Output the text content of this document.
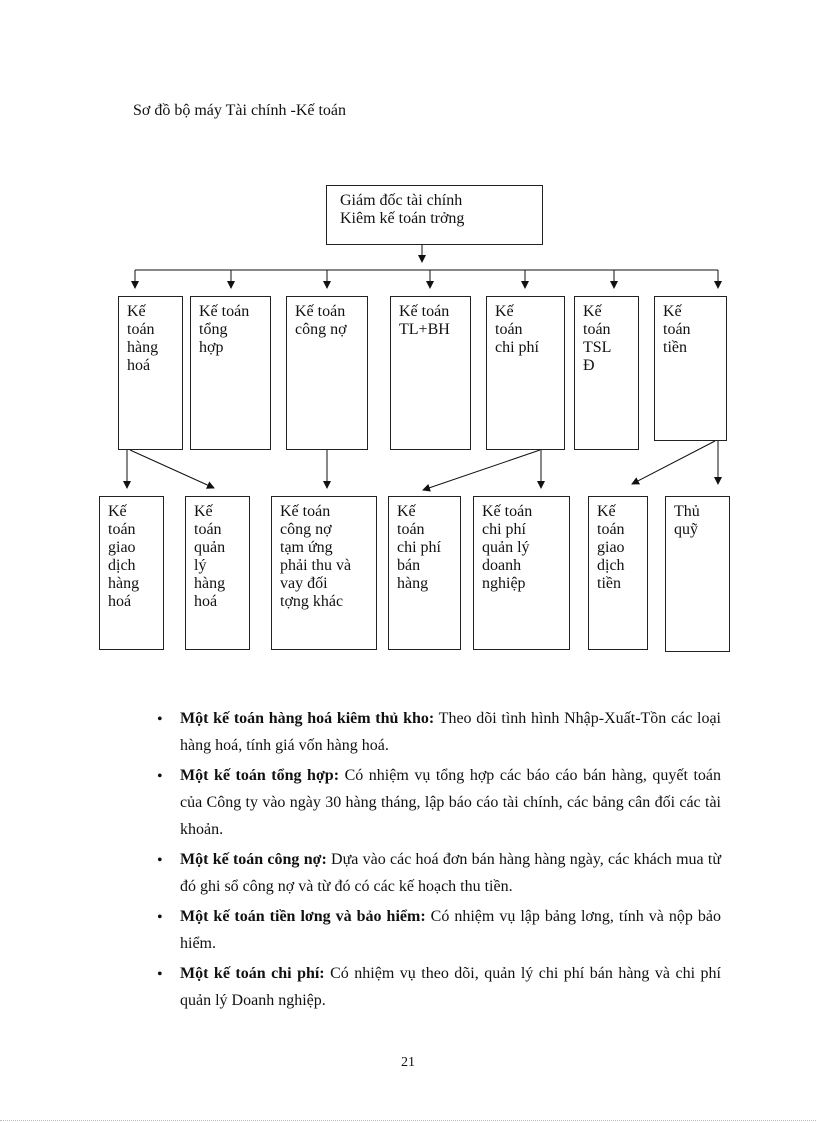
Sơ đồ bộ máy Tài chính -Kế toán
Giám đốc tài chính
Kiêm kế toán trởng
Kế
toán
hàng
hoá
Kế toán
tổng
hợp
Kế toán
công nợ
Kế toán
TL+BH
Kế
toán
chi phí
Kế
toán
TSL
Đ
Kế
toán
tiền
Kế
toán
giao
dịch
hàng
hoá
Kế
toán
quản
lý
hàng
hoá
Kế toán
công nợ
tạm ứng
phải thu và
vay đối
tợng khác
Kế
toán
chi phí
bán
hàng
Kế toán
chi phí
quản lý
doanh
nghiệp
Kế
toán
giao
dịch
tiền
Thủ
quỹ
• Một kế toán hàng hoá kiêm thủ kho: Theo dõi tình hình Nhập-Xuất-Tồn các loại hàng hoá, tính giá vốn hàng hoá.
• Một kế toán tổng hợp: Có nhiệm vụ tổng hợp các báo cáo bán hàng, quyết toán của Công ty vào ngày 30 hàng tháng, lập báo cáo tài chính, các bảng cân đối các tài khoản.
• Một kế toán công nợ: Dựa vào các hoá đơn bán hàng hàng ngày, các khách mua từ đó ghi sổ công nợ và từ đó có các kế hoạch thu tiền.
• Một kế toán tiền lơng và bảo hiểm: Có nhiệm vụ lập bảng lơng, tính và nộp bảo hiểm.
• Một kế toán chi phí: Có nhiệm vụ theo dõi, quản lý chi phí bán hàng và chi phí quản lý Doanh nghiệp.
21
